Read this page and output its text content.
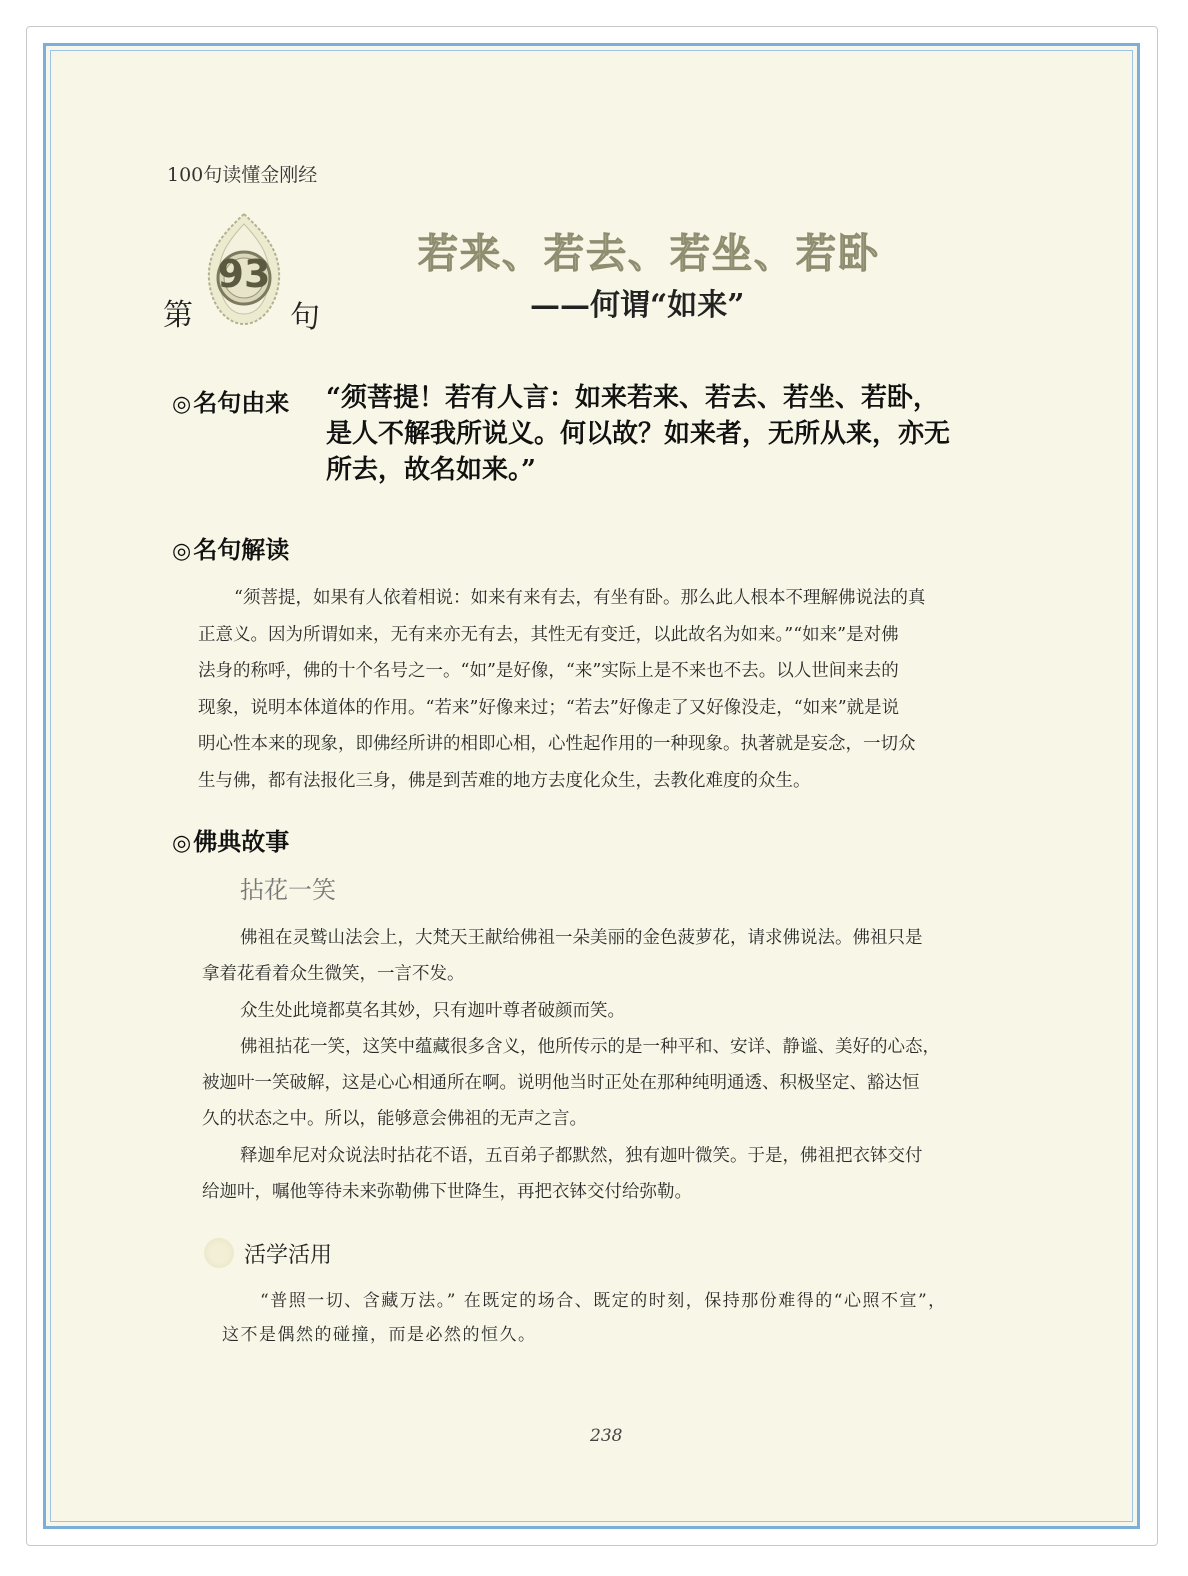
100句读懂金刚经
93
第	句
若来、若去、若坐、若卧
——何谓“如来”
◎名句由来 “须菩提！若有人言：如来若来、若去、若坐、若卧，

是人不解我所说义。何以故？如来者，无所从来，亦无

所去，故名如来。”

◎名句解读

“须菩提，如果有人依着相说：如来有来有去，有坐有卧。那么此人根本不理解佛说法的真

正意义。因为所谓如来，无有来亦无有去，其性无有变迁，以此故名为如来。”“如来”是对佛

法身的称呼，佛的十个名号之一。“如”是好像，“来”实际上是不来也不去。以人世间来去的

现象，说明本体道体的作用。“若来”好像来过；“若去”好像走了又好像没走，“如来”就是说

明心性本来的现象，即佛经所讲的相即心相，心性起作用的一种现象。执著就是妄念，一切众

生与佛，都有法报化三身，佛是到苦难的地方去度化众生，去教化难度的众生。

◎佛典故事
拈花一笑

佛祖在灵鹫山法会上，大梵天王献给佛祖一朵美丽的金色菠萝花，请求佛说法。佛祖只是

拿着花看着众生微笑，一言不发。

众生处此境都莫名其妙，只有迦叶尊者破颜而笑。

佛祖拈花一笑，这笑中蕴藏很多含义，他所传示的是一种平和、安详、静谧、美好的心态，

被迦叶一笑破解，这是心心相通所在啊。说明他当时正处在那种纯明通透、积极坚定、豁达恒

久的状态之中。所以，能够意会佛祖的无声之言。

释迦牟尼对众说法时拈花不语，五百弟子都默然，独有迦叶微笑。于是，佛祖把衣钵交付

给迦叶，嘱他等待未来弥勒佛下世降生，再把衣钵交付给弥勒。

活学活用

“普照一切、含藏万法。” 在既定的场合、既定的时刻，保持那份难得的“心照不宣”，

这不是偶然的碰撞，而是必然的恒久。

238
